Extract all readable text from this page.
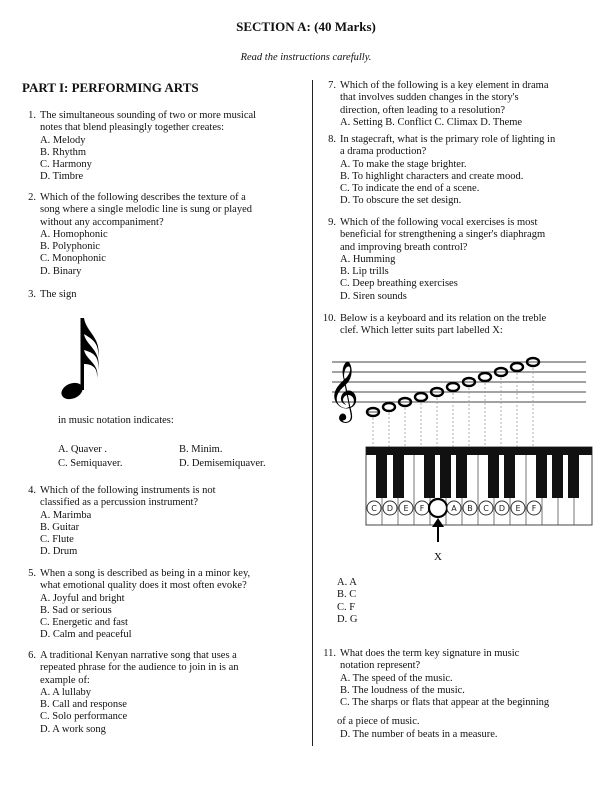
SECTION A: (40 Marks)
Read the instructions carefully.
PART I: PERFORMING ARTS
1. The simultaneous sounding of two or more musical
notes that blend pleasingly together creates:
A. Melody
B. Rhythm
C. Harmony
D. Timbre
2. Which of the following describes the texture of a
song where a single melodic line is sung or played
without any accompaniment?
A. Homophonic
B. Polyphonic
C. Monophonic
D. Binary
3. The sign
in music notation indicates:
A. Quaver .	B. Minim.
C. Semiquaver.	D. Demisemiquaver.
4. Which of the following instruments is not
classified as a percussion instrument?
A. Marimba
B. Guitar
C. Flute
D. Drum
5. When a song is described as being in a minor key,
what emotional quality does it most often evoke?
A. Joyful and bright
B. Sad or serious
C. Energetic and fast
D. Calm and peaceful
6. A traditional Kenyan narrative song that uses a
repeated phrase for the audience to join in is an
example of:
A. A lullaby
B. Call and response
C. Solo performance
D. A work song
7. Which of the following is a key element in drama
that involves sudden changes in the story's
direction, often leading to a resolution?
A. Setting B. Conflict C. Climax D. Theme
8. In stagecraft, what is the primary role of lighting in
a drama production?
A. To make the stage brighter.
B. To highlight characters and create mood.
C. To indicate the end of a scene.
D. To obscure the set design.
9. Which of the following vocal exercises is most
beneficial for strengthening a singer's diaphragm
and improving breath control?
A. Humming
B. Lip trills
C. Deep breathing exercises
D. Siren sounds
10. Below is a keyboard and its relation on the treble
clef. Which letter suits part labelled X:
𝄞
C D E F	A B C D E F
X
A. A
B. C
C. F
D. G
11. What does the term key signature in music
notation represent?
A. The speed of the music.
B. The loudness of the music.
C. The sharps or flats that appear at the beginning
of a piece of music.
D. The number of beats in a measure.
